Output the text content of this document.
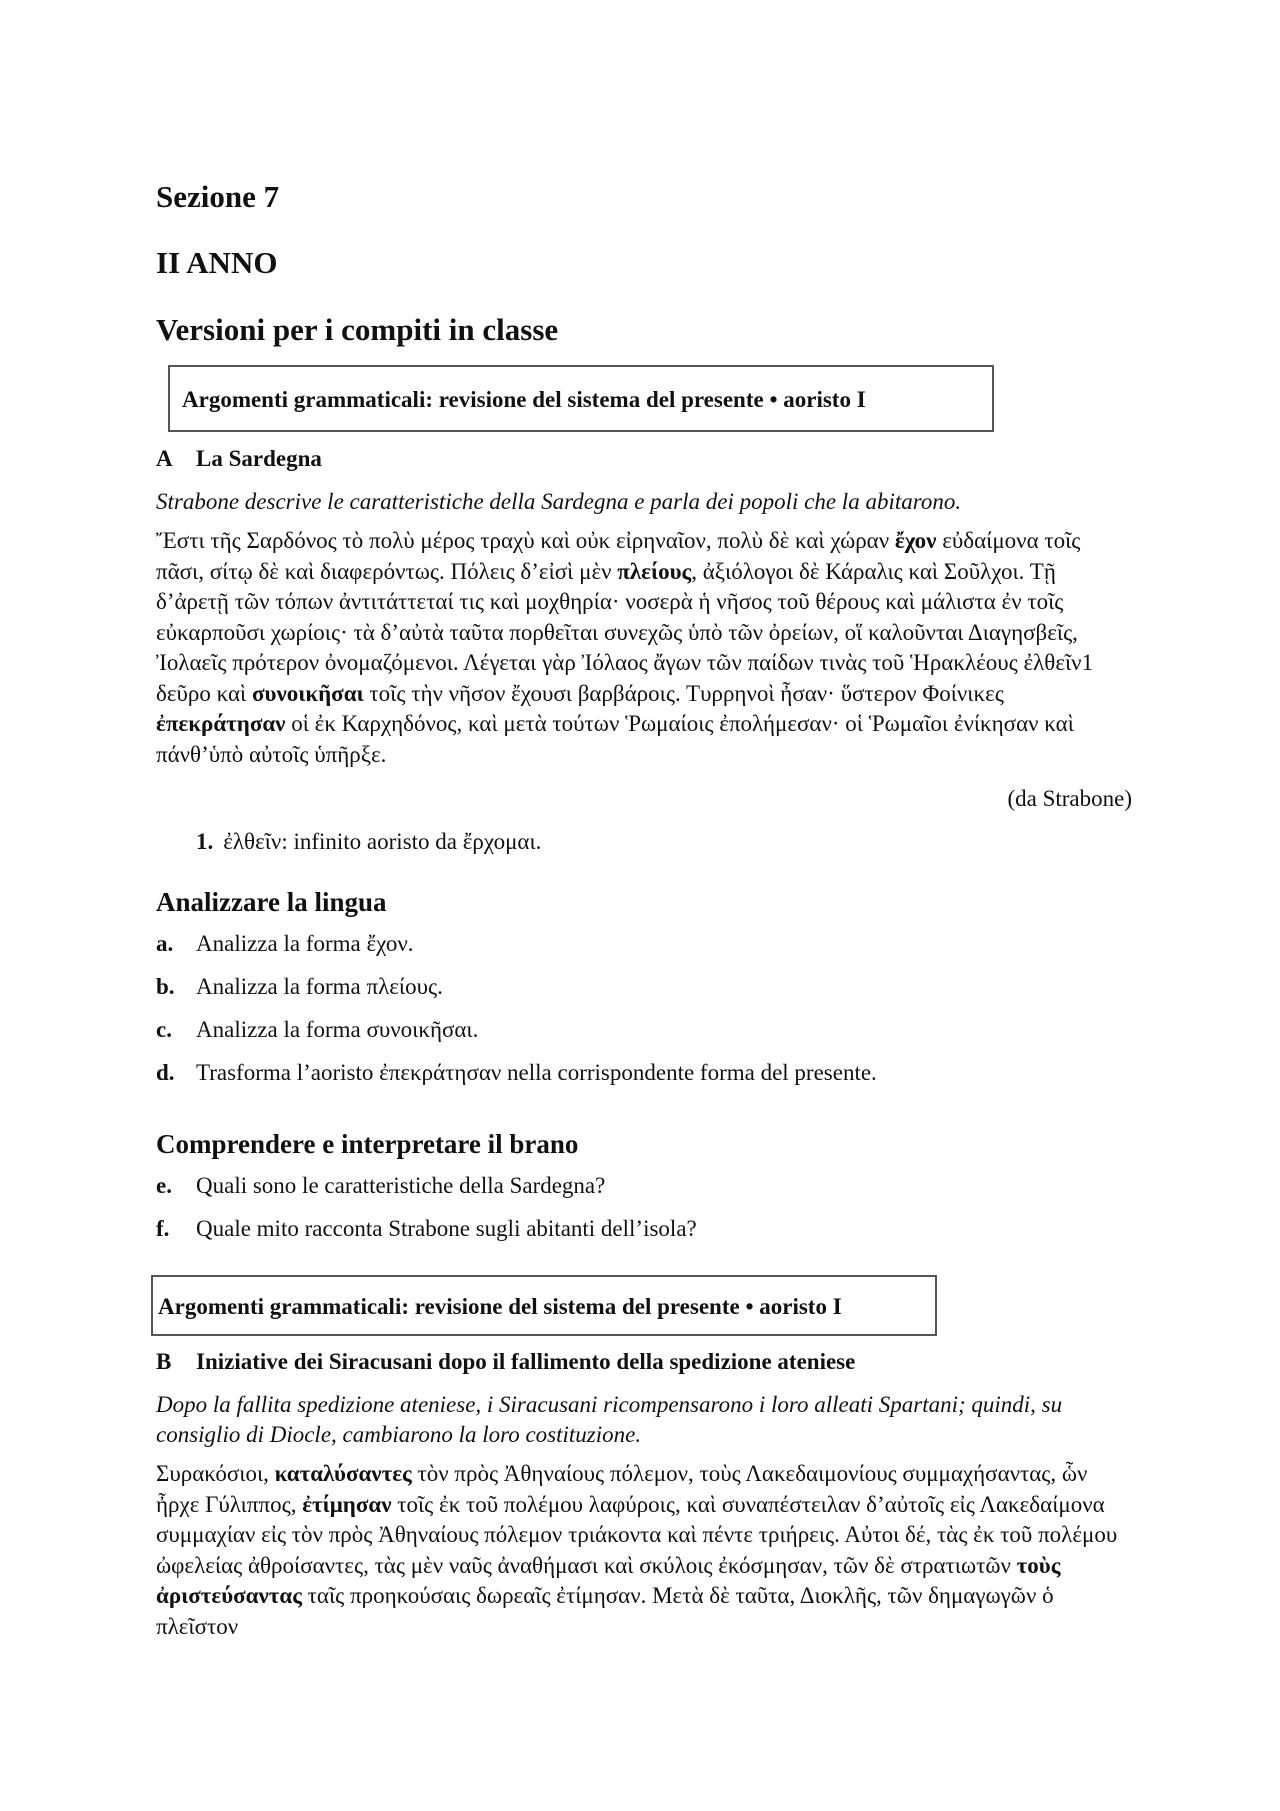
Sezione 7
II ANNO
Versioni per i compiti in classe
Argomenti grammaticali: revisione del sistema del presente • aoristo I
A La Sardegna
Strabone descrive le caratteristiche della Sardegna e parla dei popoli che la abitarono.
Ἔστι τῆς Σαρδόνος τὸ πολὺ μέρος τραχὺ καὶ οὐκ εἰρηναῖον, πολὺ δὲ καὶ χώραν ἔχον εὐδαίμονα τοῖς πᾶσι, σίτῳ δὲ καὶ διαφερόντως. Πόλεις δ’εἰσὶ μὲν πλείους, ἀξιόλογοι δὲ Κάραλις καὶ Σοῦλχοι. Τῇ δ’ἀρετῇ τῶν τόπων ἀντιτάττεταί τις καὶ μοχθηρία· νοσερὰ ἡ νῆσος τοῦ θέρους καὶ μάλιστα ἐν τοῖς εὐκαρποῦσι χωρίοις· τὰ δ’αὐτὰ ταῦτα πορθεῖται συνεχῶς ὑπὸ τῶν ὀρείων, οἵ καλοῦνται Διαγησβεῖς, Ἰολαεῖς πρότερον ὀνομαζόμενοι. Λέγεται γὰρ Ἰόλαος ἄγων τῶν παίδων τινὰς τοῦ Ἡρακλέους ἐλθεῖν1 δεῦρο καὶ συνοικῆσαι τοῖς τὴν νῆσον ἔχουσι βαρβάροις. Τυρρηνοὶ ἦσαν· ὕστερον Φοίνικες ἐπεκράτησαν οἱ ἐκ Καρχηδόνος, καὶ μετὰ τούτων Ῥωμαίοις ἐπολήμεσαν· οἱ Ῥωμαῖοι ἐνίκησαν καὶ πάνθ’ὑπὸ αὐτοῖς ὑπῆρξε.
(da Strabone)
1. ἐλθεῖν: infinito aoristo da ἔρχομαι.
Analizzare la lingua
a. Analizza la forma ἔχον.
b. Analizza la forma πλείους.
c. Analizza la forma συνοικῆσαι.
d. Trasforma l’aoristo ἐπεκράτησαν nella corrispondente forma del presente.
Comprendere e interpretare il brano
e. Quali sono le caratteristiche della Sardegna?
f. Quale mito racconta Strabone sugli abitanti dell’isola?
Argomenti grammaticali: revisione del sistema del presente • aoristo I
B Iniziative dei Siracusani dopo il fallimento della spedizione ateniese
Dopo la fallita spedizione ateniese, i Siracusani ricompensarono i loro alleati Spartani; quindi, su consiglio di Diocle, cambiarono la loro costituzione.
Συρακόσιοι, καταλύσαντες τὸν πρὸς Ἀθηναίους πόλεμον, τοὺς Λακεδαιμονίους συμμαχήσαντας, ὧν ἦρχε Γύλιππος, ἐτίμησαν τοῖς ἐκ τοῦ πολέμου λαφύροις, καὶ συναπέστειλαν δ’αὐτοῖς εἰς Λακεδαίμονα συμμαχίαν εἰς τὸν πρὸς Ἀθηναίους πόλεμον τριάκοντα καὶ πέντε τριήρεις. Αὐτοι δέ, τὰς ἐκ τοῦ πολέμου ὠφελείας ἀθροίσαντες, τὰς μὲν ναῦς ἀναθήμασι καὶ σκύλοις ἐκόσμησαν, τῶν δὲ στρατιωτῶν τοὺς ἀριστεύσαντας ταῖς προηκούσαις δωρεαῖς ἐτίμησαν. Μετὰ δὲ ταῦτα, Διοκλῆς, τῶν δημαγωγῶν ὁ πλεῖστον
